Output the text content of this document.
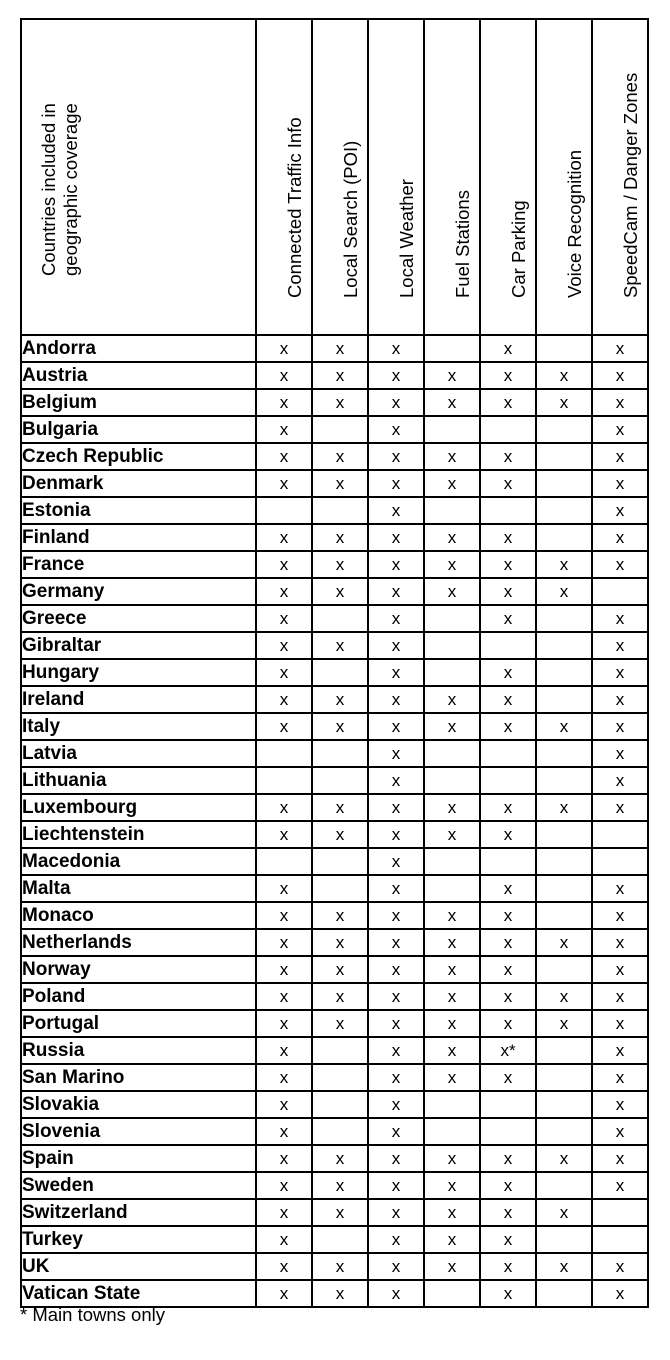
Countries included in
geographic coverage	Connected Traffic Info	Local Search (POI)	Local Weather	Fuel Stations	Car Parking	Voice Recognition	SpeedCam / Danger Zones

Andorra	x	x	x		x		x
Austria	x	x	x	x	x	x	x
Belgium	x	x	x	x	x	x	x
Bulgaria	x		x				x
Czech Republic	x	x	x	x	x		x
Denmark	x	x	x	x	x		x
Estonia			x				x
Finland	x	x	x	x	x		x
France	x	x	x	x	x	x	x
Germany	x	x	x	x	x	x	
Greece	x		x		x		x
Gibraltar	x	x	x				x
Hungary	x		x		x		x
Ireland	x	x	x	x	x		x
Italy	x	x	x	x	x	x	x
Latvia			x				x
Lithuania			x				x
Luxembourg	x	x	x	x	x	x	x
Liechtenstein	x	x	x	x	x		
Macedonia			x				
Malta	x		x		x		x
Monaco	x	x	x	x	x		x
Netherlands	x	x	x	x	x	x	x
Norway	x	x	x	x	x		x
Poland	x	x	x	x	x	x	x
Portugal	x	x	x	x	x	x	x
Russia	x		x	x	x*		x
San Marino	x		x	x	x		x
Slovakia	x		x				x
Slovenia	x		x				x
Spain	x	x	x	x	x	x	x
Sweden	x	x	x	x	x		x
Switzerland	x	x	x	x	x	x	
Turkey	x		x	x	x		
UK	x	x	x	x	x	x	x
Vatican State	x	x	x		x		x
* Main towns only
